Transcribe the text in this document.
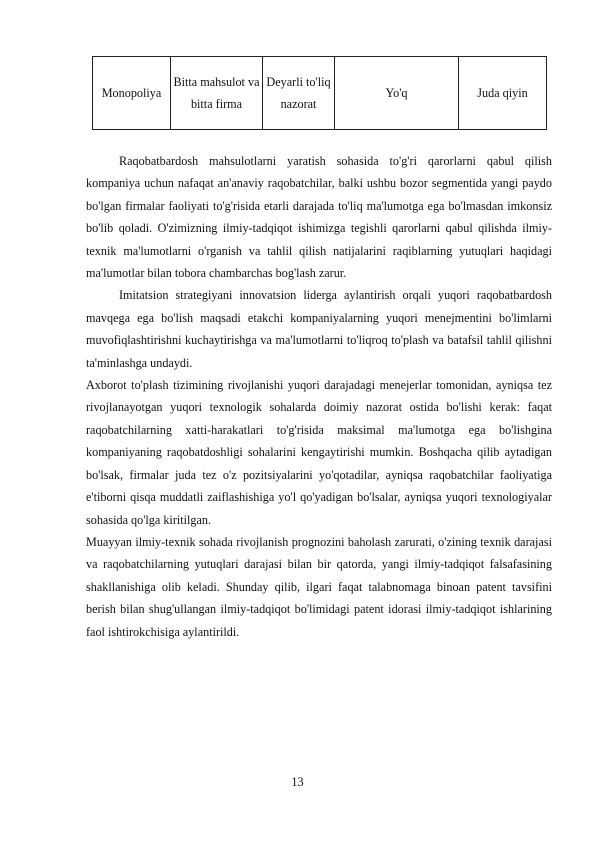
Monopoliya	Bitta mahsulot va bitta firma	Deyarli to'liq nazorat	Yo'q	Juda qiyin

Raqobatbardosh mahsulotlarni yaratish sohasida to'g'ri qarorlarni qabul qilish kompaniya uchun nafaqat an'anaviy raqobatchilar, balki ushbu bozor segmentida yangi paydo bo'lgan firmalar faoliyati to'g'risida etarli darajada to'liq ma'lumotga ega bo'lmasdan imkonsiz bo'lib qoladi. O'zimizning ilmiy-tadqiqot ishimizga tegishli qarorlarni qabul qilishda ilmiy-texnik ma'lumotlarni o'rganish va tahlil qilish natijalarini raqiblarning yutuqlari haqidagi ma'lumotlar bilan tobora chambarchas bog'lash zarur.

Imitatsion strategiyani innovatsion liderga aylantirish orqali yuqori raqobatbardosh mavqega ega bo'lish maqsadi etakchi kompaniyalarning yuqori menejmentini bo'limlarni muvofiqlashtirishni kuchaytirishga va ma'lumotlarni to'liqroq to'plash va batafsil tahlil qilishni ta'minlashga undaydi.

Axborot to'plash tizimining rivojlanishi yuqori darajadagi menejerlar tomonidan, ayniqsa tez rivojlanayotgan yuqori texnologik sohalarda doimiy nazorat ostida bo'lishi kerak: faqat raqobatchilarning xatti-harakatlari to'g'risida maksimal ma'lumotga ega bo'lishgina kompaniyaning raqobatdoshligi sohalarini kengaytirishi mumkin. Boshqacha qilib aytadigan bo'lsak, firmalar juda tez o'z pozitsiyalarini yo'qotadilar, ayniqsa raqobatchilar faoliyatiga e'tiborni qisqa muddatli zaiflashishiga yo'l qo'yadigan bo'lsalar, ayniqsa yuqori texnologiyalar sohasida qo'lga kiritilgan.

Muayyan ilmiy-texnik sohada rivojlanish prognozini baholash zarurati, o'zining texnik darajasi va raqobatchilarning yutuqlari darajasi bilan bir qatorda, yangi ilmiy-tadqiqot falsafasining shakllanishiga olib keladi. Shunday qilib, ilgari faqat talabnomaga binoan patent tavsifini berish bilan shug'ullangan ilmiy-tadqiqot bo'limidagi patent idorasi ilmiy-tadqiqot ishlarining faol ishtirokchisiga aylantirildi.

13
